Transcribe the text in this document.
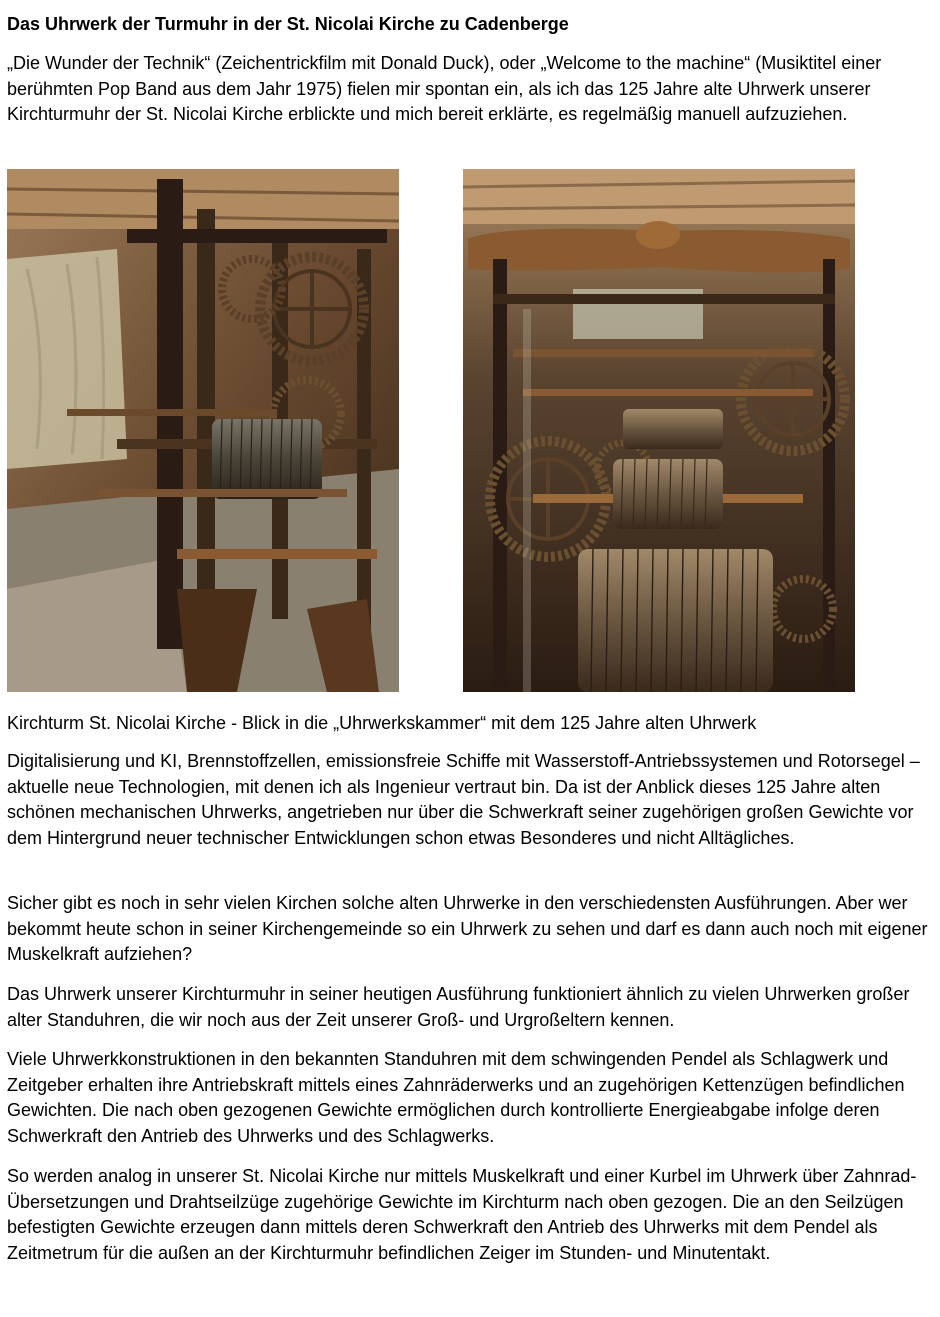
Das Uhrwerk der Turmuhr in der St. Nicolai Kirche zu Cadenberge

„Die Wunder der Technik“ (Zeichentrickfilm mit Donald Duck), oder „Welcome to the machine“ (Musiktitel einer berühmten Pop Band aus dem Jahr 1975) fielen mir spontan ein, als ich das 125 Jahre alte Uhrwerk unserer Kirchturmuhr der St. Nicolai Kirche erblickte und mich bereit erklärte, es regelmäßig manuell aufzuziehen.

Kirchturm St. Nicolai Kirche - Blick in die „Uhrwerkskammer“ mit dem 125 Jahre alten Uhrwerk

Digitalisierung und KI, Brennstoffzellen, emissionsfreie Schiffe mit Wasserstoff-Antriebssystemen und Rotorsegel – aktuelle neue Technologien, mit denen ich als Ingenieur vertraut bin. Da ist der Anblick dieses 125 Jahre alten schönen mechanischen Uhrwerks, angetrieben nur über die Schwerkraft seiner zugehörigen großen Gewichte vor dem Hintergrund neuer technischer Entwicklungen schon etwas Besonderes und nicht Alltägliches.

Sicher gibt es noch in sehr vielen Kirchen solche alten Uhrwerke in den verschiedensten Ausführungen. Aber wer bekommt heute schon in seiner Kirchengemeinde so ein Uhrwerk zu sehen und darf es dann auch noch mit eigener Muskelkraft aufziehen?

Das Uhrwerk unserer Kirchturmuhr in seiner heutigen Ausführung funktioniert ähnlich zu vielen Uhrwerken großer alter Standuhren, die wir noch aus der Zeit unserer Groß- und Urgroßeltern kennen.

Viele Uhrwerkkonstruktionen in den bekannten Standuhren mit dem schwingenden Pendel als Schlagwerk und Zeitgeber erhalten ihre Antriebskraft mittels eines Zahnräderwerks und an zugehörigen Kettenzügen befindlichen Gewichten. Die nach oben gezogenen Gewichte ermöglichen durch kontrollierte Energieabgabe infolge deren Schwerkraft den Antrieb des Uhrwerks und des Schlagwerks.

So werden analog in unserer St. Nicolai Kirche nur mittels Muskelkraft und einer Kurbel im Uhrwerk über Zahnrad-Übersetzungen und Drahtseilzüge zugehörige Gewichte im Kirchturm nach oben gezogen. Die an den Seilzügen befestigten Gewichte erzeugen dann mittels deren Schwerkraft den Antrieb des Uhrwerks mit dem Pendel als Zeitmetrum für die außen an der Kirchturmuhr befindlichen Zeiger im Stunden- und Minutentakt.
